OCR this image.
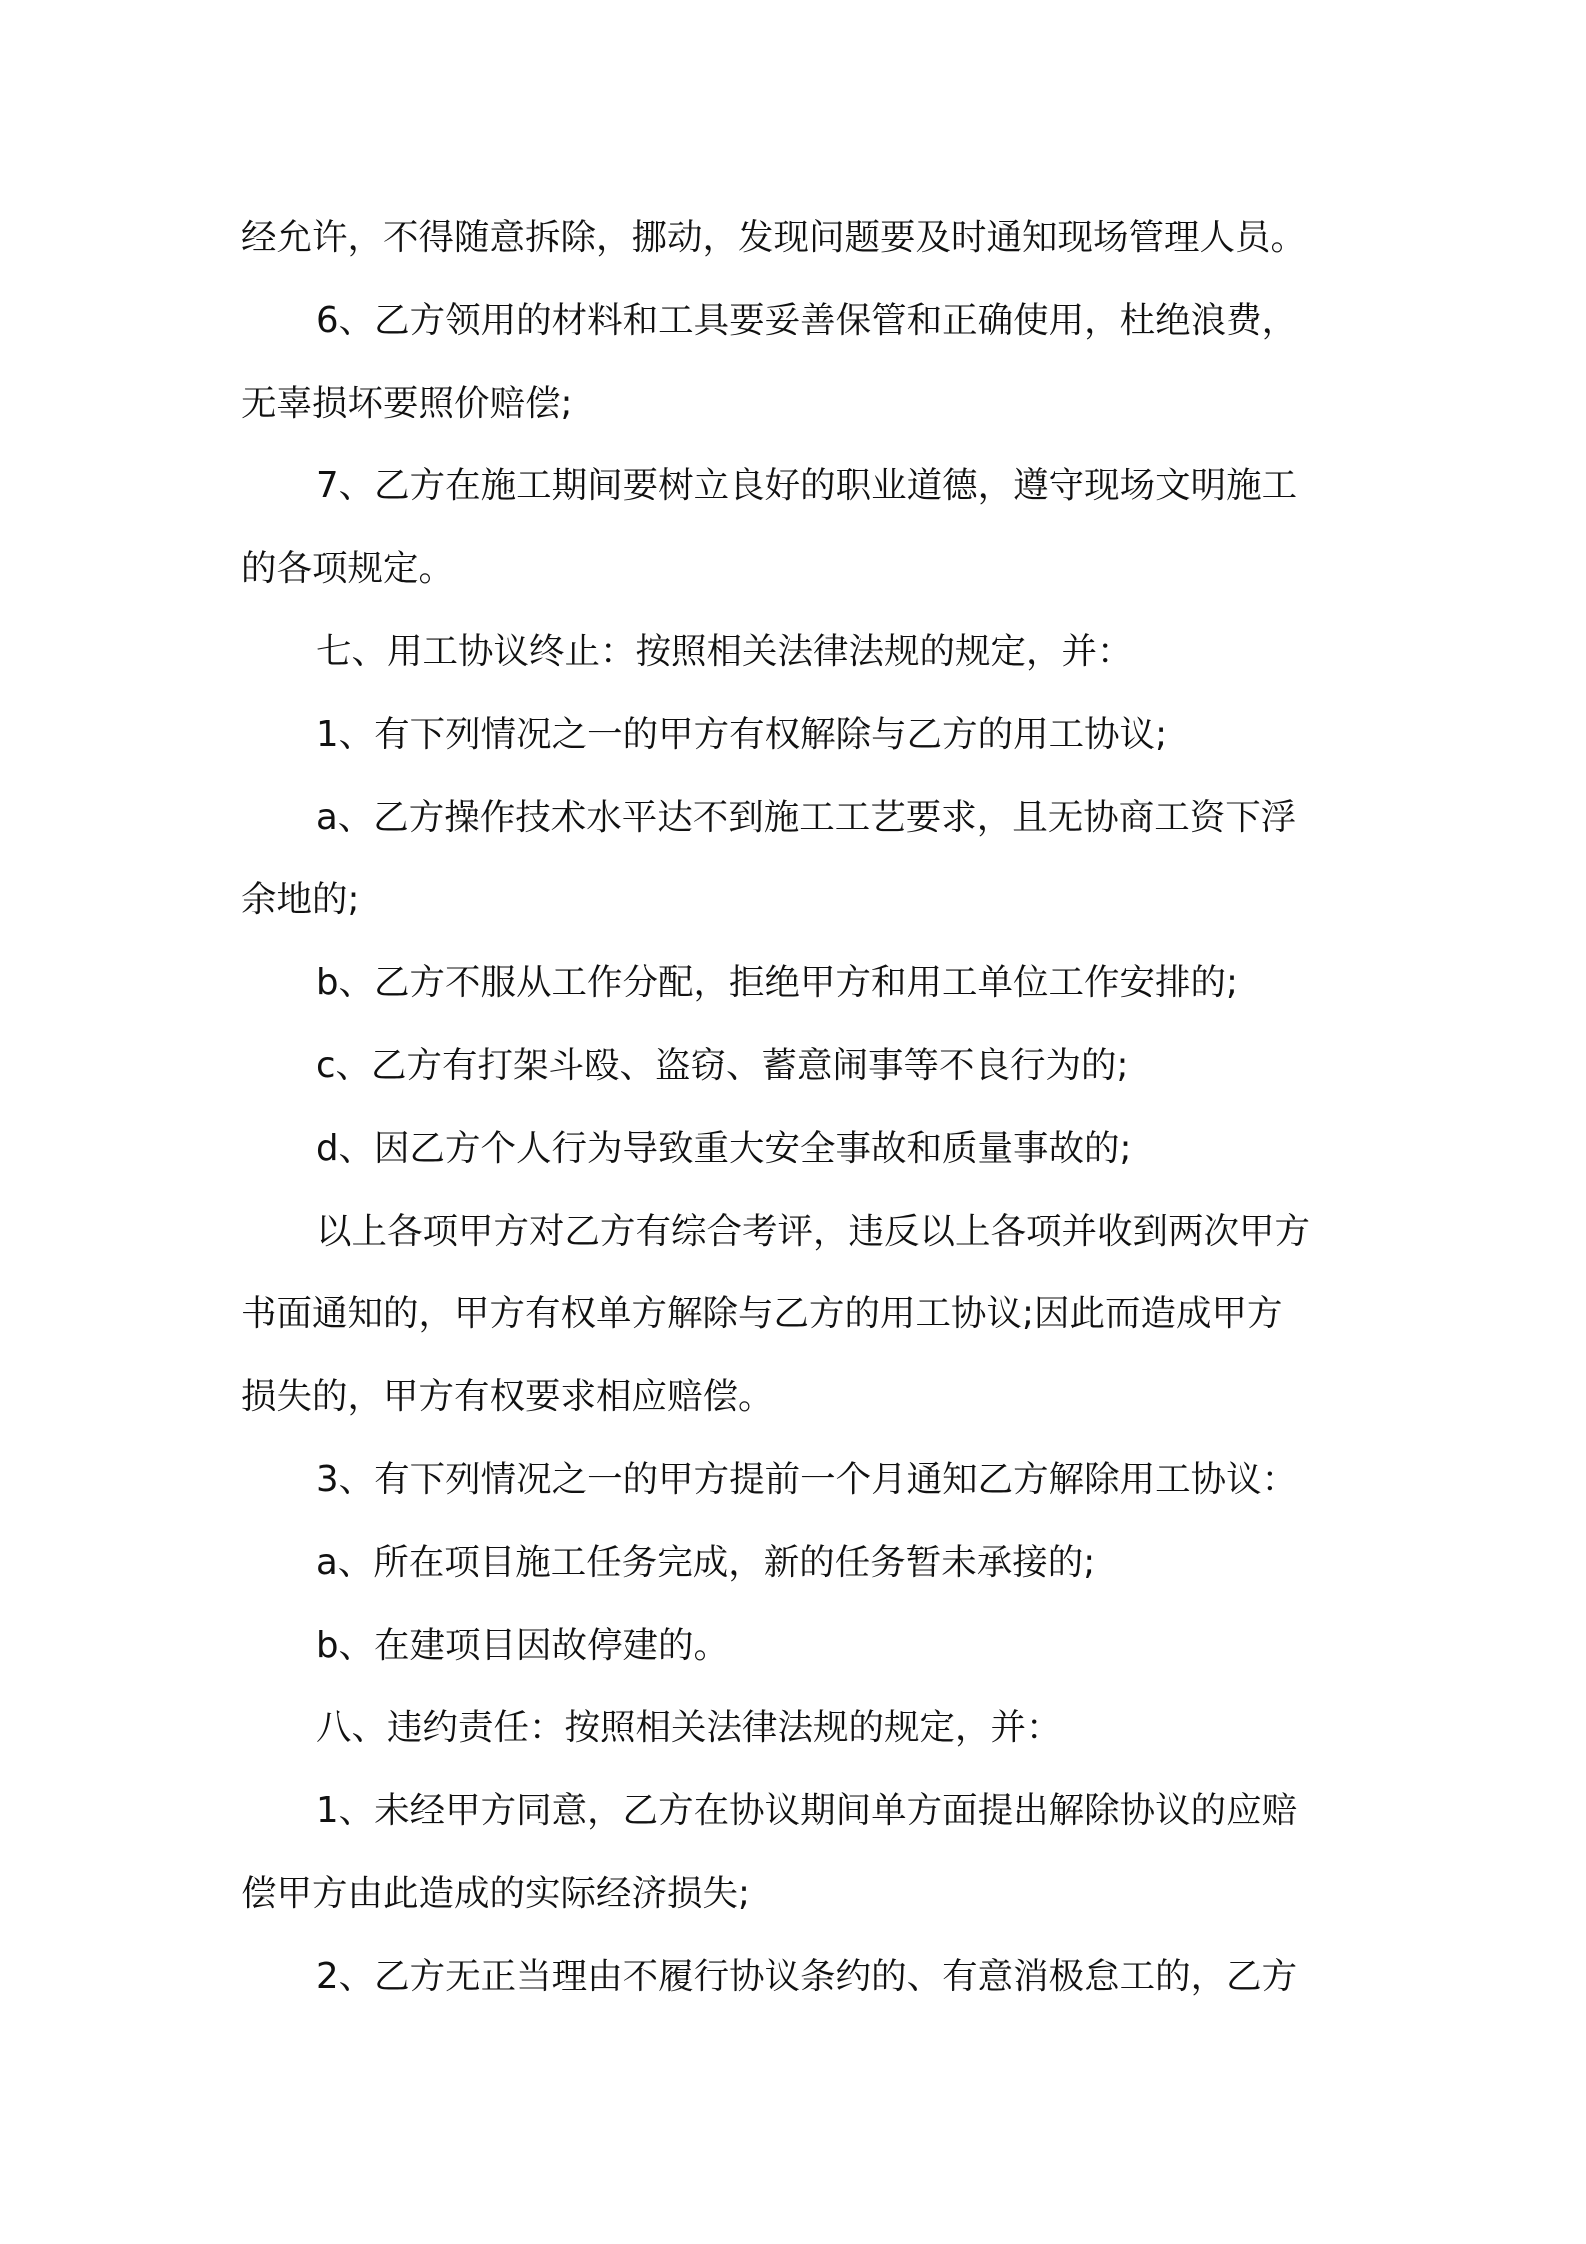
经允许，不得随意拆除，挪动，发现问题要及时通知现场管理人员。
6、乙方领用的材料和工具要妥善保管和正确使用，杜绝浪费，
无辜损坏要照价赔偿;
7、乙方在施工期间要树立良好的职业道德，遵守现场文明施工
的各项规定。
七、用工协议终止：按照相关法律法规的规定，并：
1、有下列情况之一的甲方有权解除与乙方的用工协议;
a、乙方操作技术水平达不到施工工艺要求，且无协商工资下浮
余地的;
b、乙方不服从工作分配，拒绝甲方和用工单位工作安排的;
c、乙方有打架斗殴、盗窃、蓄意闹事等不良行为的;
d、因乙方个人行为导致重大安全事故和质量事故的;
以上各项甲方对乙方有综合考评，违反以上各项并收到两次甲方
书面通知的，甲方有权单方解除与乙方的用工协议;因此而造成甲方
损失的，甲方有权要求相应赔偿。
3、有下列情况之一的甲方提前一个月通知乙方解除用工协议：
a、所在项目施工任务完成，新的任务暂未承接的;
b、在建项目因故停建的。
八、违约责任：按照相关法律法规的规定，并：
1、未经甲方同意，乙方在协议期间单方面提出解除协议的应赔
偿甲方由此造成的实际经济损失;
2、乙方无正当理由不履行协议条约的、有意消极怠工的，乙方
